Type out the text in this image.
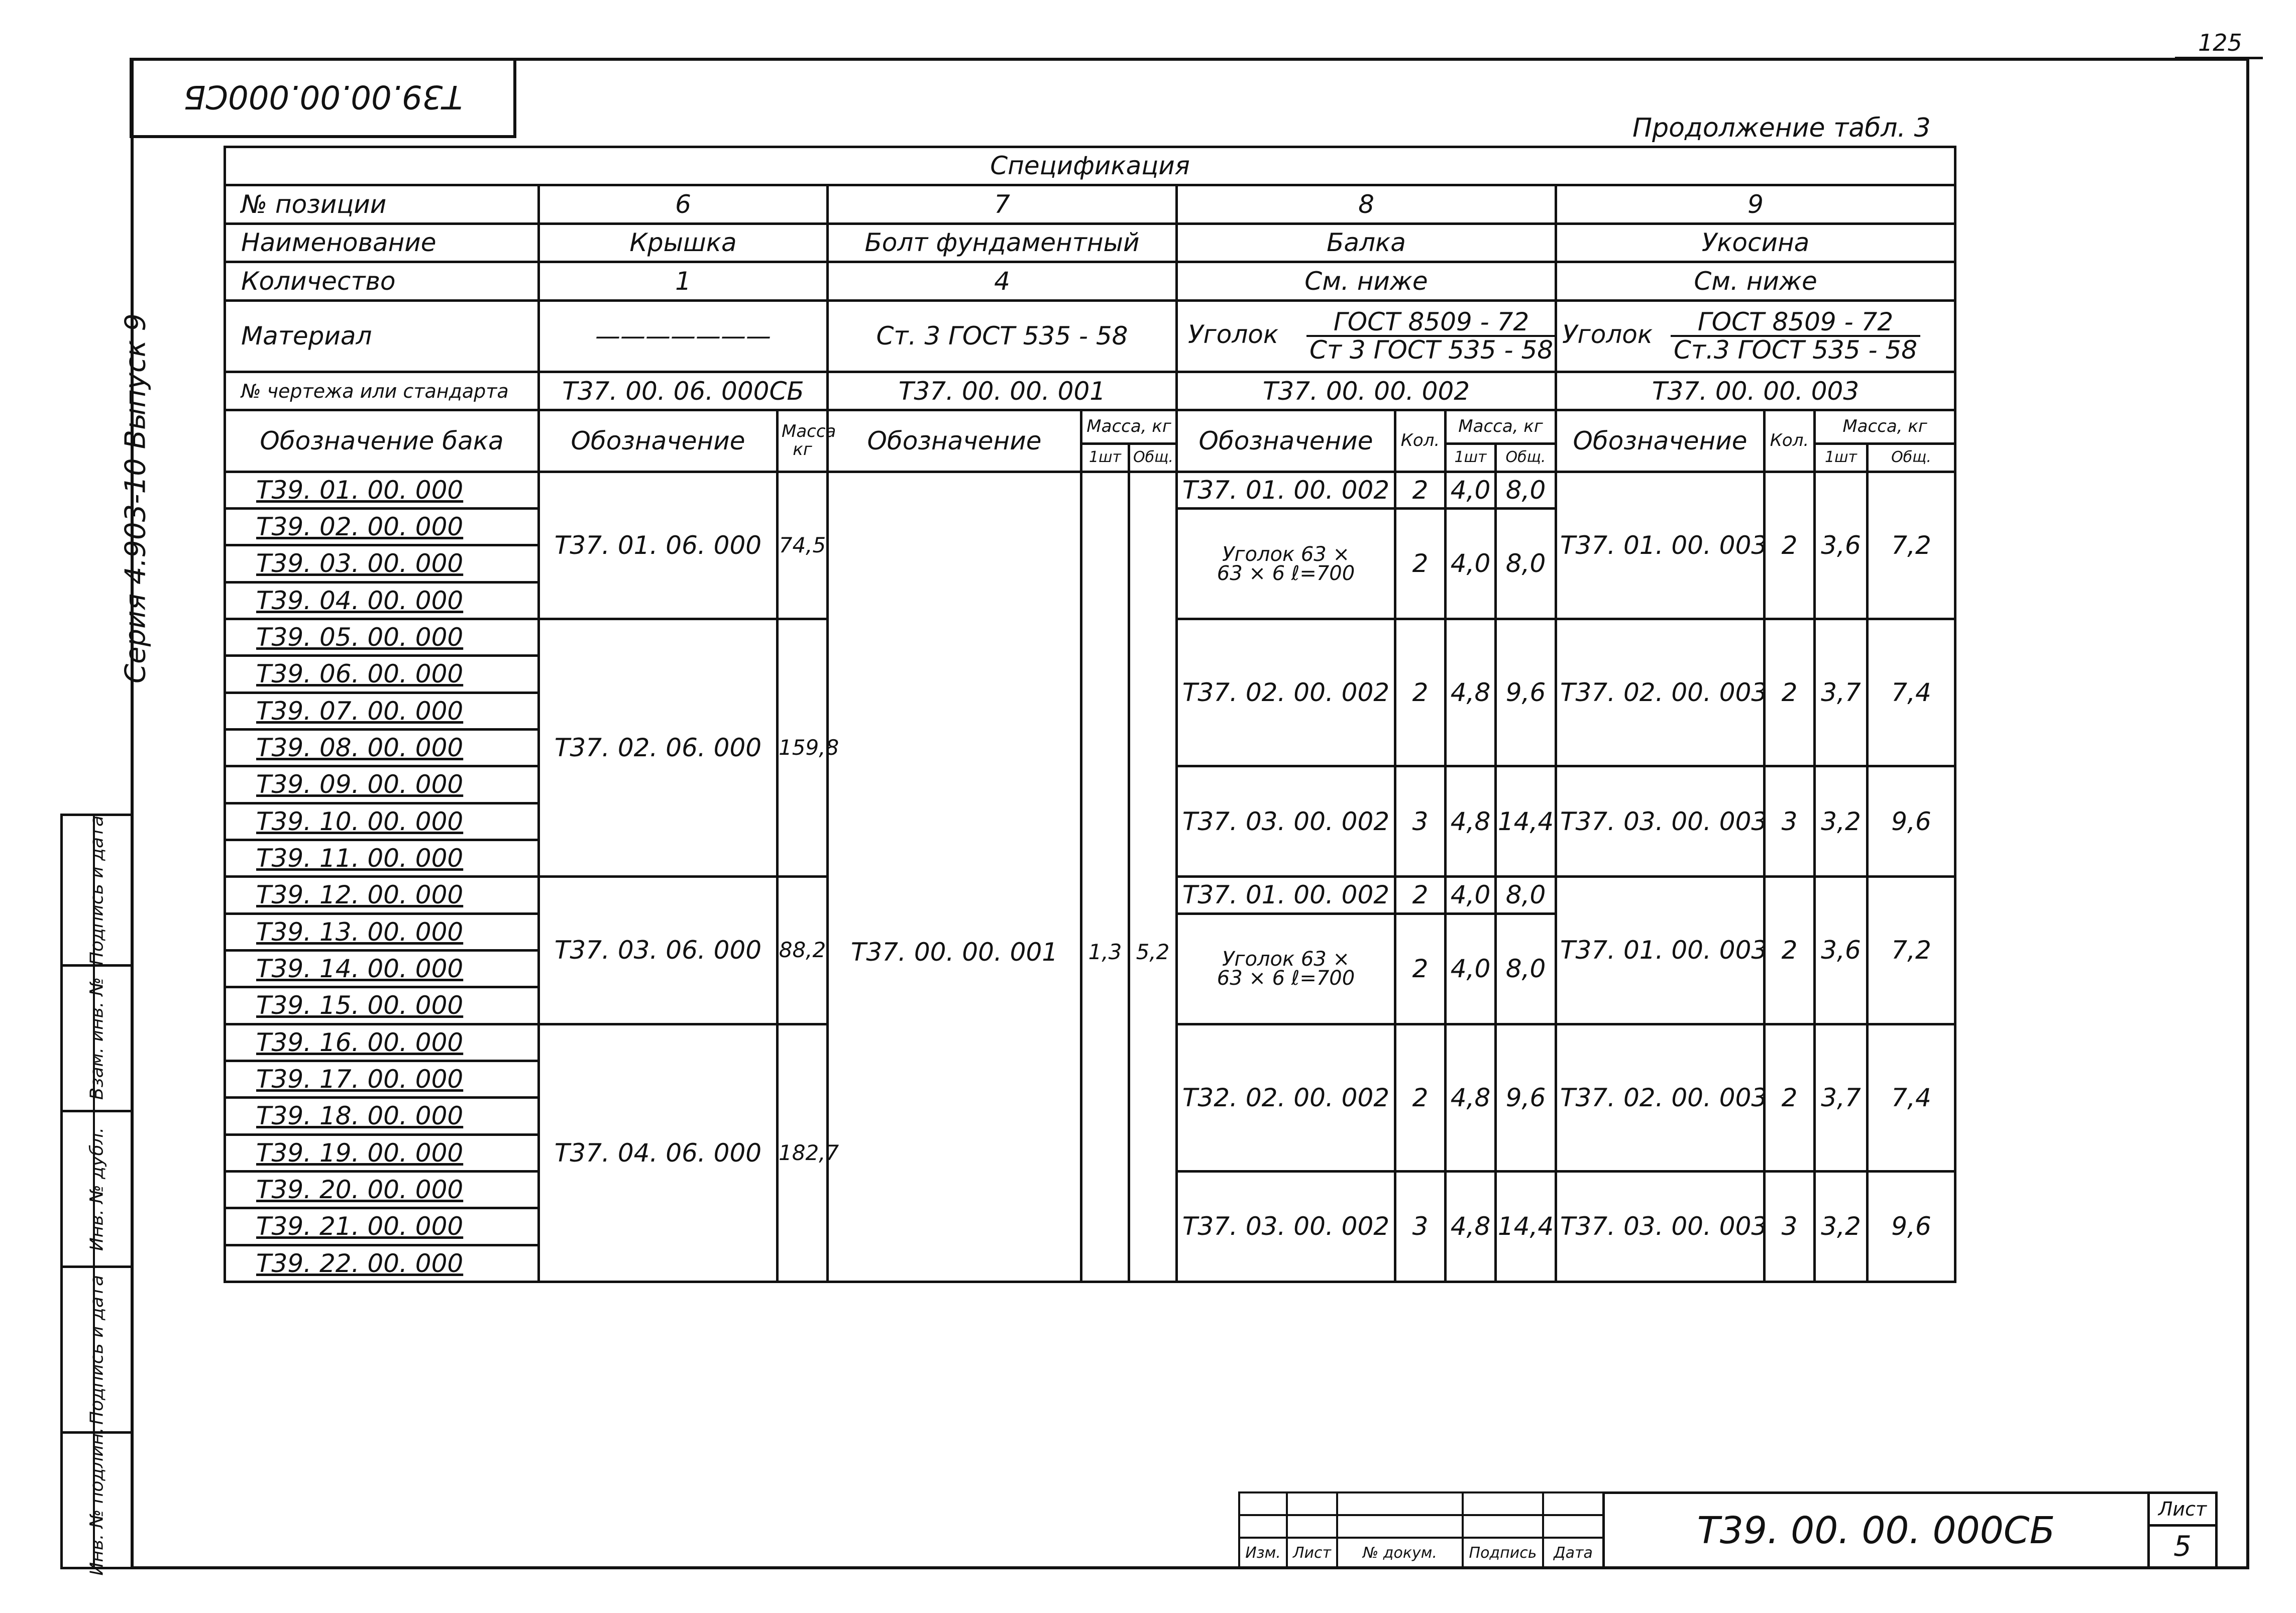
125
Т39.00.00.000СБ
Продолжение табл. 3
Серия 4.903-10 Выпуск 9
Подпись и дата
Взам. инв. №
Инв. № дубл.
Подпись и дата
Инв. № подлин.
Спецификация													
№ позиции	6		7			8				9			
Наименование	Крышка		Болт фундаментный			Балка				Укосина			
Количество	1		4			См. ниже				См. ниже			
Материал	———————		Ст. 3 ГОСТ 535 - 58			Уголок $\frac{\text{ГОСТ 8509 - 72}}{\text{Ст 3 ГОСТ 535 - 58}}$				Уголок $\frac{\text{ГОСТ 8509 - 72}}{\text{Ст.3 ГОСТ 535 - 58}}$

№ чертежа или стандарта	Т37. 00. 06. 000СБ		Т37. 00. 00. 001			Т37. 00. 00. 002				Т37. 00. 00. 003			
Обозначение бака	Обозначение	Масса кг	Обозначение	Масса, кг		Обозначение	Кол.	Масса, кг		Обозначение	Кол.	Масса, кг	
				1шт	Общ.			1шт	Общ.			1шт	Общ.
Т39. 01. 00. 000	Т37. 01. 06. 000	74,5	Т37. 00. 00. 001	1,3	5,2	Т37. 01. 00. 002	2	4,0	8,0	Т37. 01. 00. 003	2	3,6	7,2
Т39. 02. 00. 000						Уголок 63 × 63 × 6 ℓ=700	2	4,0	8,0				
Т39. 03. 00. 000													
Т39. 04. 00. 000													
Т39. 05. 00. 000	Т37. 02. 06. 000	159,8				Т37. 02. 00. 002	2	4,8	9,6	Т37. 02. 00. 003	2	3,7	7,4
Т39. 06. 00. 000													
Т39. 07. 00. 000													
Т39. 08. 00. 000													
Т39. 09. 00. 000						Т37. 03. 00. 002	3	4,8	14,4	Т37. 03. 00. 003	3	3,2	9,6
Т39. 10. 00. 000													
Т39. 11. 00. 000													
Т39. 12. 00. 000	Т37. 03. 06. 000	88,2				Т37. 01. 00. 002	2	4,0	8,0	Т37. 01. 00. 003	2	3,6	7,2
Т39. 13. 00. 000						Уголок 63 × 63 × 6 ℓ=700	2	4,0	8,0				
Т39. 14. 00. 000													
Т39. 15. 00. 000													
Т39. 16. 00. 000	Т37. 04. 06. 000	182,7				Т32. 02. 00. 002	2	4,8	9,6	Т37. 02. 00. 003	2	3,7	7,4
Т39. 17. 00. 000													
Т39. 18. 00. 000													
Т39. 19. 00. 000													
Т39. 20. 00. 000						Т37. 03. 00. 002	3	4,8	14,4	Т37. 03. 00. 003	3	3,2	9,6
Т39. 21. 00. 000													
Т39. 22. 00. 000													

Изм.	Лист	№ докум.	Подпись	Дата
Т39. 00. 00. 000СБ	Лист
5
